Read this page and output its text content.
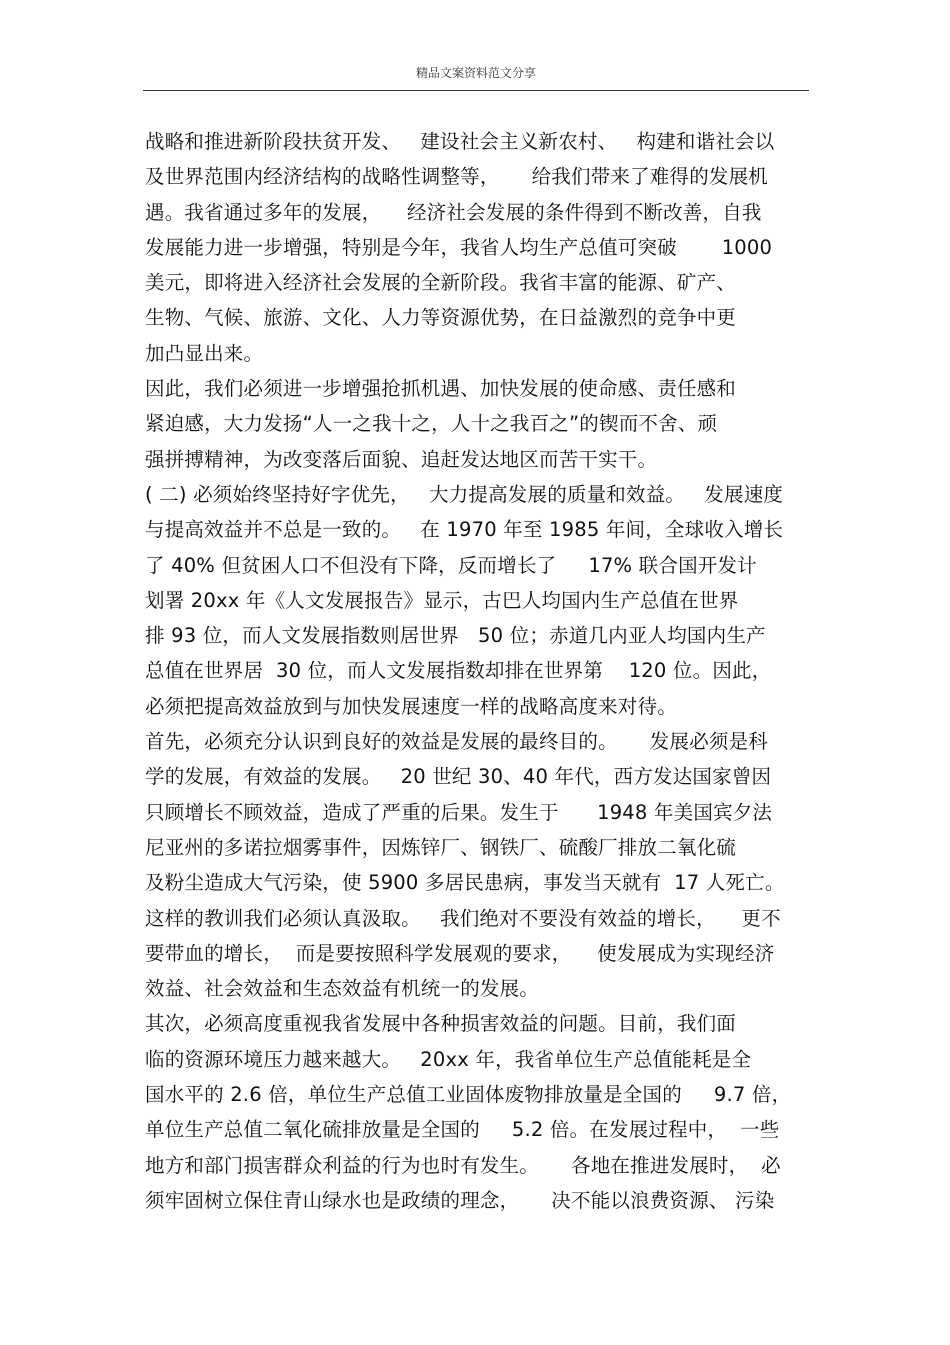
精品文案资料范文分享
战略和推进新阶段扶贫开发、   建设社会主义新农村、   构建和谐社会以
及世界范围内经济结构的战略性调整等，     给我们带来了难得的发展机
遇。我省通过多年的发展，    经济社会发展的条件得到不断改善，自我
发展能力进一步增强，特别是今年，我省人均生产总值可突破       1000
美元，即将进入经济社会发展的全新阶段。我省丰富的能源、矿产、
生物、气候、旅游、文化、人力等资源优势，在日益激烈的竞争中更
加凸显出来。
因此，我们必须进一步增强抢抓机遇、加快发展的使命感、责任感和
紧迫感，大力发扬“人一之我十之，人十之我百之”的锲而不舍、顽
强拼搏精神，为改变落后面貌、追赶发达地区而苦干实干。
( 二) 必须始终坚持好字优先，   大力提高发展的质量和效益。   发展速度
与提高效益并不总是一致的。   在 1970 年至 1985 年间，全球收入增长
了 40% 但贫困人口不但没有下降，反而增长了     17% 联合国开发计
划署 20xx 年《人文发展报告》显示，古巴人均国内生产总值在世界
排 93 位，而人文发展指数则居世界   50 位；赤道几内亚人均国内生产
总值在世界居  30 位，而人文发展指数却排在世界第    120 位。因此，
必须把提高效益放到与加快发展速度一样的战略高度来对待。
首先，必须充分认识到良好的效益是发展的最终目的。     发展必须是科
学的发展，有效益的发展。   20 世纪 30、40 年代，西方发达国家曾因
只顾增长不顾效益，造成了严重的后果。发生于      1948 年美国宾夕法
尼亚州的多诺拉烟雾事件，因炼锌厂、钢铁厂、硫酸厂排放二氧化硫
及粉尘造成大气污染，使 5900 多居民患病，事发当天就有  17 人死亡。
这样的教训我们必须认真汲取。   我们绝对不要没有效益的增长，    更不
要带血的增长，  而是要按照科学发展观的要求，    使发展成为实现经济
效益、社会效益和生态效益有机统一的发展。
其次，必须高度重视我省发展中各种损害效益的问题。目前，我们面
临的资源环境压力越来越大。   20xx 年，我省单位生产总值能耗是全
国水平的 2.6 倍，单位生产总值工业固体废物排放量是全国的     9.7 倍，
单位生产总值二氧化硫排放量是全国的     5.2 倍。在发展过程中，  一些
地方和部门损害群众利益的行为也时有发生。     各地在推进发展时，  必
须牢固树立保住青山绿水也是政绩的理念，     决不能以浪费资源、 污染
